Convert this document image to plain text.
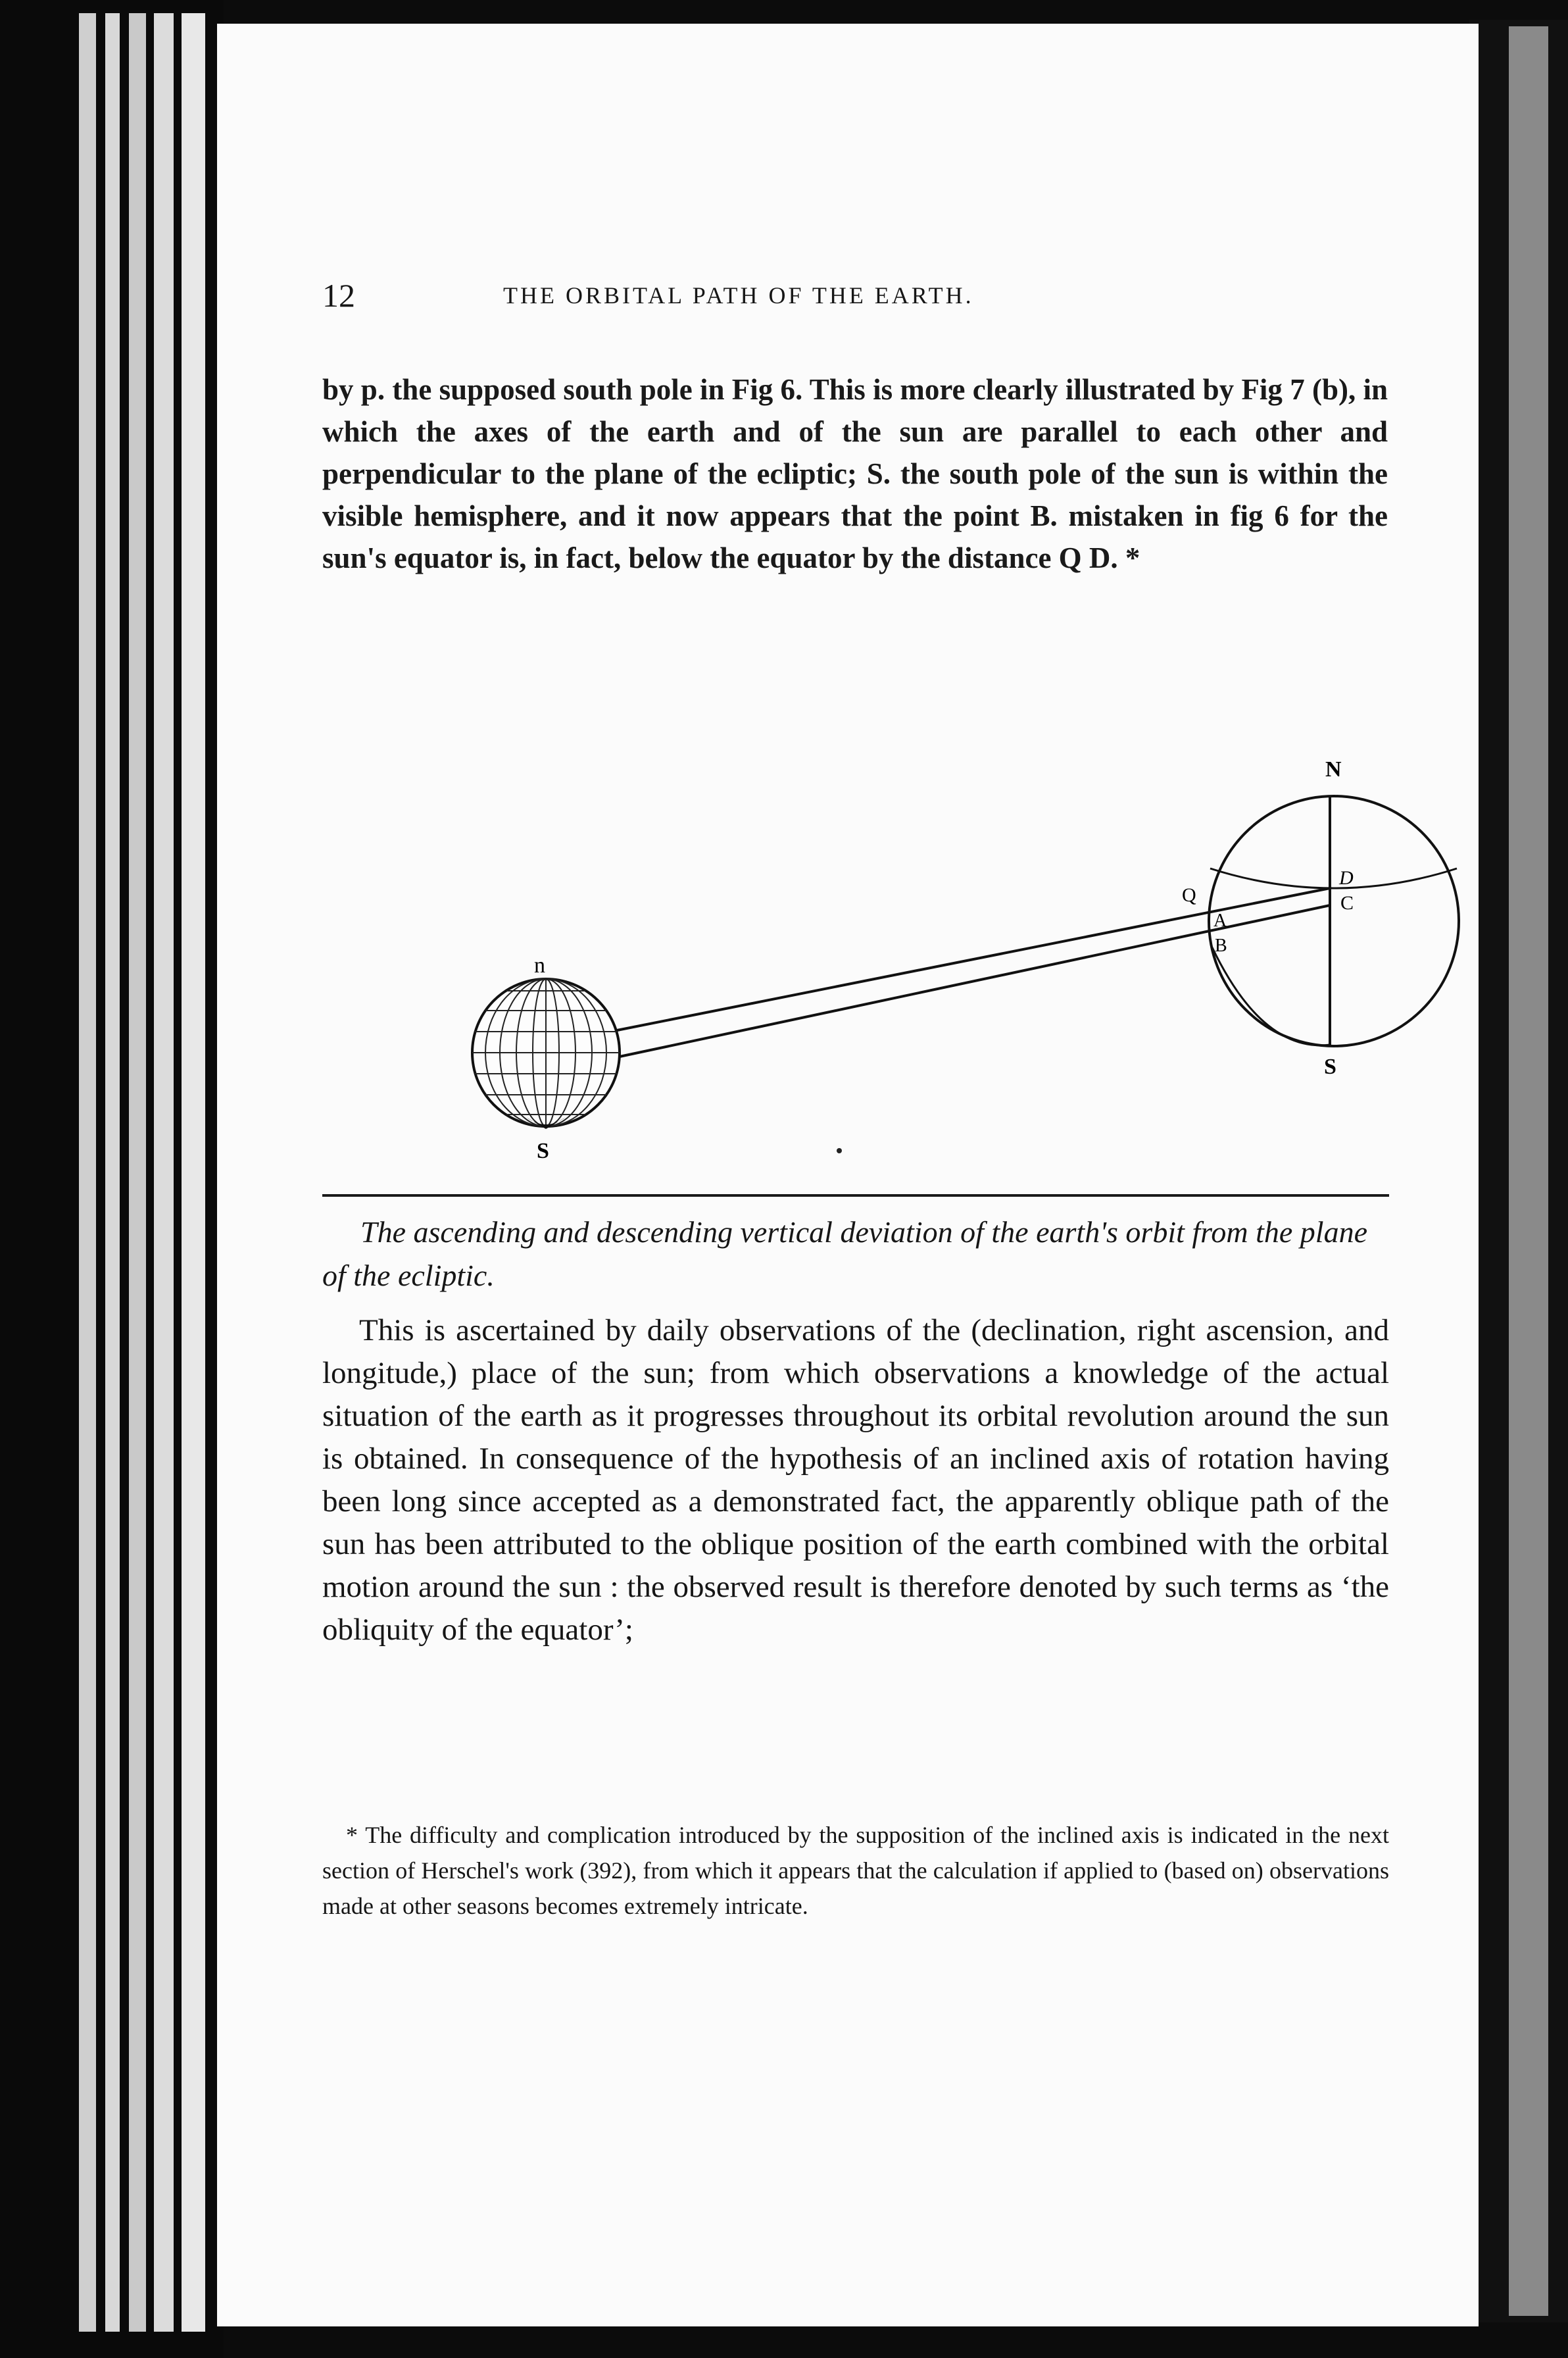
12	THE ORBITAL PATH OF THE EARTH.

by p. the supposed south pole in Fig 6. This is more clearly illustrated by Fig 7 (b), in which the axes of the earth and of the sun are parallel to each other and perpendicular to the plane of the ecliptic; S. the south pole of the sun is within the visible hemisphere, and it now appears that the point B. mistaken in fig 6 for the sun's equator is, in fact, below the equator by the distance Q D. *

n
S
N
S
Q
A
B
D
C

The ascending and descending vertical deviation of the earth's orbit from the plane of the ecliptic.

This is ascertained by daily observations of the (declination, right ascension, and longitude,) place of the sun; from which observations a knowledge of the actual situation of the earth as it progresses throughout its orbital revolution around the sun is obtained. In consequence of the hypothesis of an inclined axis of rotation having been long since accepted as a demonstrated fact, the apparently oblique path of the sun has been attributed to the oblique position of the earth combined with the orbital motion around the sun : the observed result is therefore denoted by such terms as ‘the obliquity of the equator’;

* The difficulty and complication introduced by the supposition of the inclined axis is indicated in the next section of Herschel's work (392), from which it appears that the calculation if applied to (based on) observations made at other seasons becomes extremely intricate.
